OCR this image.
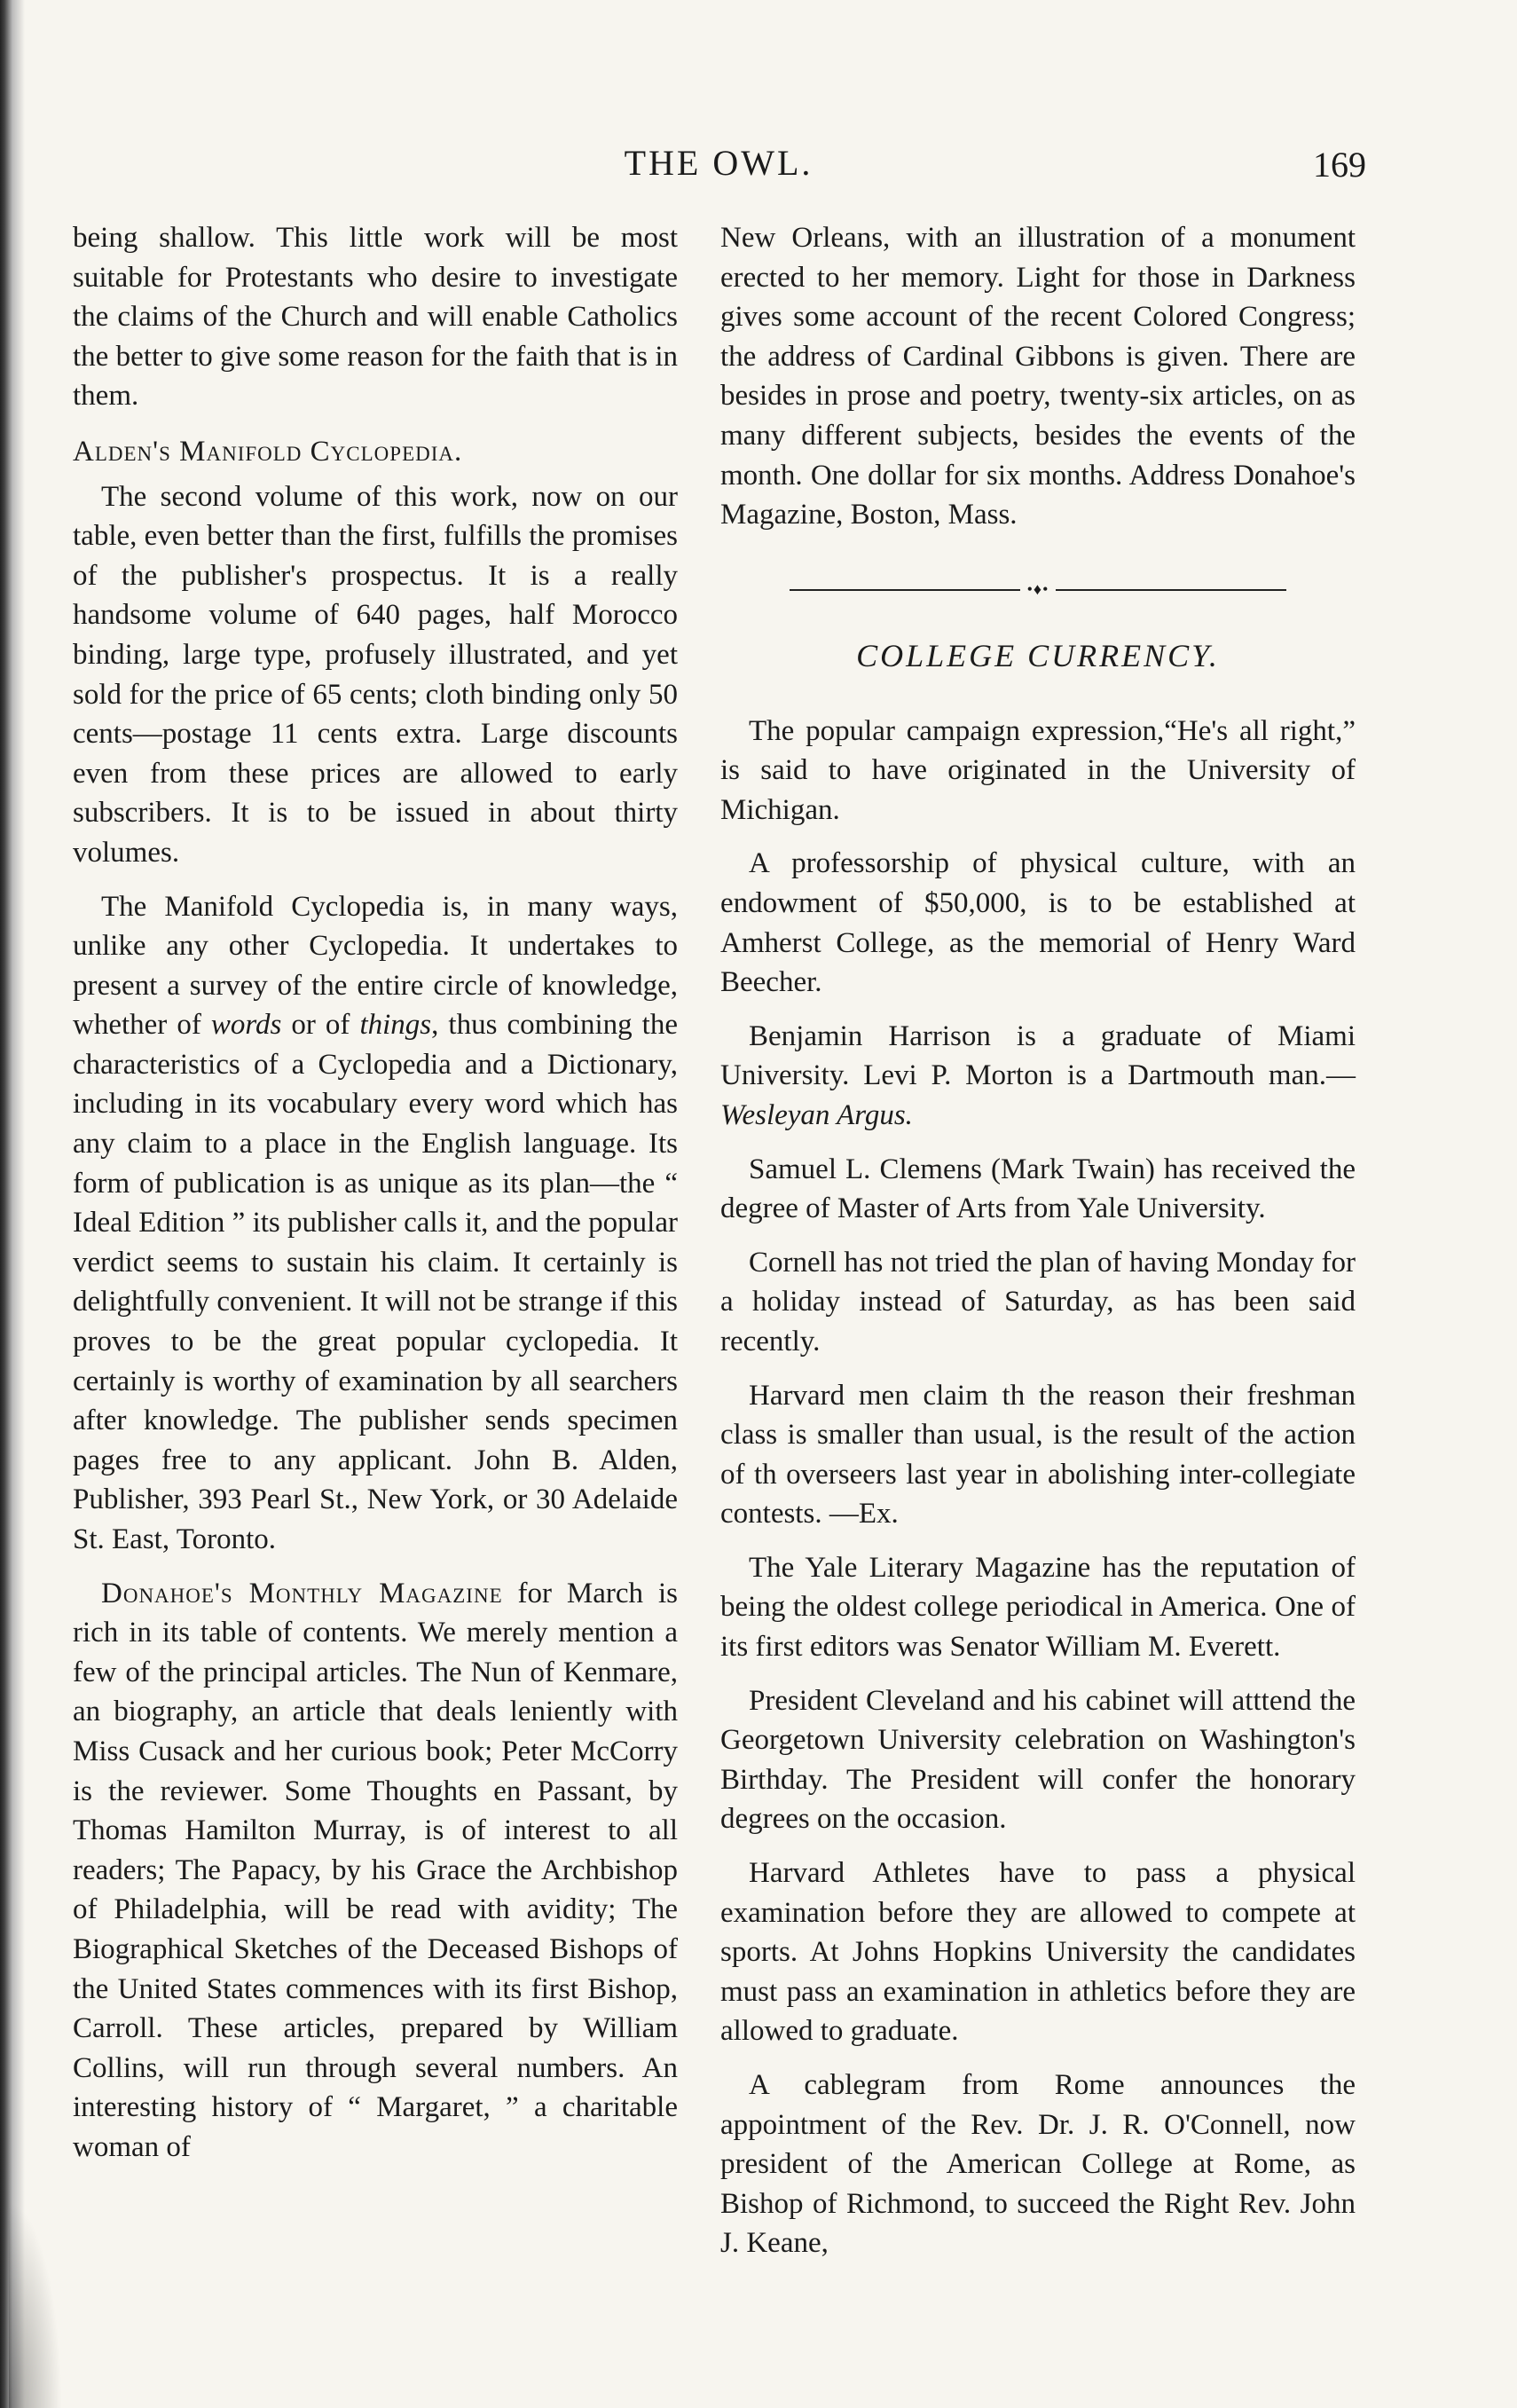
THE OWL.	169

being shallow. This little work will be most suitable for Protestants who desire to investigate the claims of the Church and will enable Catholics the better to give some reason for the faith that is in them.

Alden's Manifold Cyclopedia.

The second volume of this work, now on our table, even better than the first, fulfills the promises of the publisher's prospectus. It is a really handsome volume of 640 pages, half Morocco binding, large type, profusely illustrated, and yet sold for the price of 65 cents; cloth binding only 50 cents—postage 11 cents extra. Large discounts even from these prices are allowed to early subscribers. It is to be issued in about thirty volumes.

The Manifold Cyclopedia is, in many ways, unlike any other Cyclopedia. It undertakes to present a survey of the entire circle of knowledge, whether of words or of things, thus combining the characteristics of a Cyclopedia and a Dictionary, including in its vocabulary every word which has any claim to a place in the English language. Its form of publication is as unique as its plan—the “ Ideal Edition ” its publisher calls it, and the popular verdict seems to sustain his claim. It certainly is delightfully convenient. It will not be strange if this proves to be the great popular cyclopedia. It certainly is worthy of examination by all searchers after knowledge. The publisher sends specimen pages free to any applicant. John B. Alden, Publisher, 393 Pearl St., New York, or 30 Adelaide St. East, Toronto.

Donahoe's Monthly Magazine for March is rich in its table of contents. We merely mention a few of the principal articles. The Nun of Kenmare, an biography, an article that deals leniently with Miss Cusack and her curious book; Peter McCorry is the reviewer. Some Thoughts en Passant, by Thomas Hamilton Murray, is of interest to all readers; The Papacy, by his Grace the Archbishop of Philadelphia, will be read with avidity; The Biographical Sketches of the Deceased Bishops of the United States commences with its first Bishop, Carroll. These articles, prepared by William Collins, will run through several numbers. An interesting history of “ Margaret, ” a charitable woman of

New Orleans, with an illustration of a monument erected to her memory. Light for those in Darkness gives some account of the recent Colored Congress; the address of Cardinal Gibbons is given. There are besides in prose and poetry, twenty-six articles, on as many different subjects, besides the events of the month. One dollar for six months. Address Donahoe's Magazine, Boston, Mass.

•♦•
COLLEGE CURRENCY.

The popular campaign expression,“He's all right,” is said to have originated in the University of Michigan.

A professorship of physical culture, with an endowment of $50,000, is to be established at Amherst College, as the memorial of Henry Ward Beecher.

Benjamin Harrison is a graduate of Miami University. Levi P. Morton is a Dartmouth man.— Wesleyan Argus.

Samuel L. Clemens (Mark Twain) has received the degree of Master of Arts from Yale University.

Cornell has not tried the plan of having Monday for a holiday instead of Saturday, as has been said recently.

Harvard men claim th the reason their freshman class is smaller than usual, is the result of the action of th overseers last year in abolishing inter-collegiate contests. —Ex.

The Yale Literary Magazine has the reputation of being the oldest college periodical in America. One of its first editors was Senator William M. Everett.

President Cleveland and his cabinet will atttend the Georgetown University celebration on Washington's Birthday. The President will confer the honorary degrees on the occasion.

Harvard Athletes have to pass a physical examination before they are allowed to compete at sports. At Johns Hopkins University the candidates must pass an examination in athletics before they are allowed to graduate.

A cablegram from Rome announces the appointment of the Rev. Dr. J. R. O'Connell, now president of the American College at Rome, as Bishop of Richmond, to succeed the Right Rev. John J. Keane,
